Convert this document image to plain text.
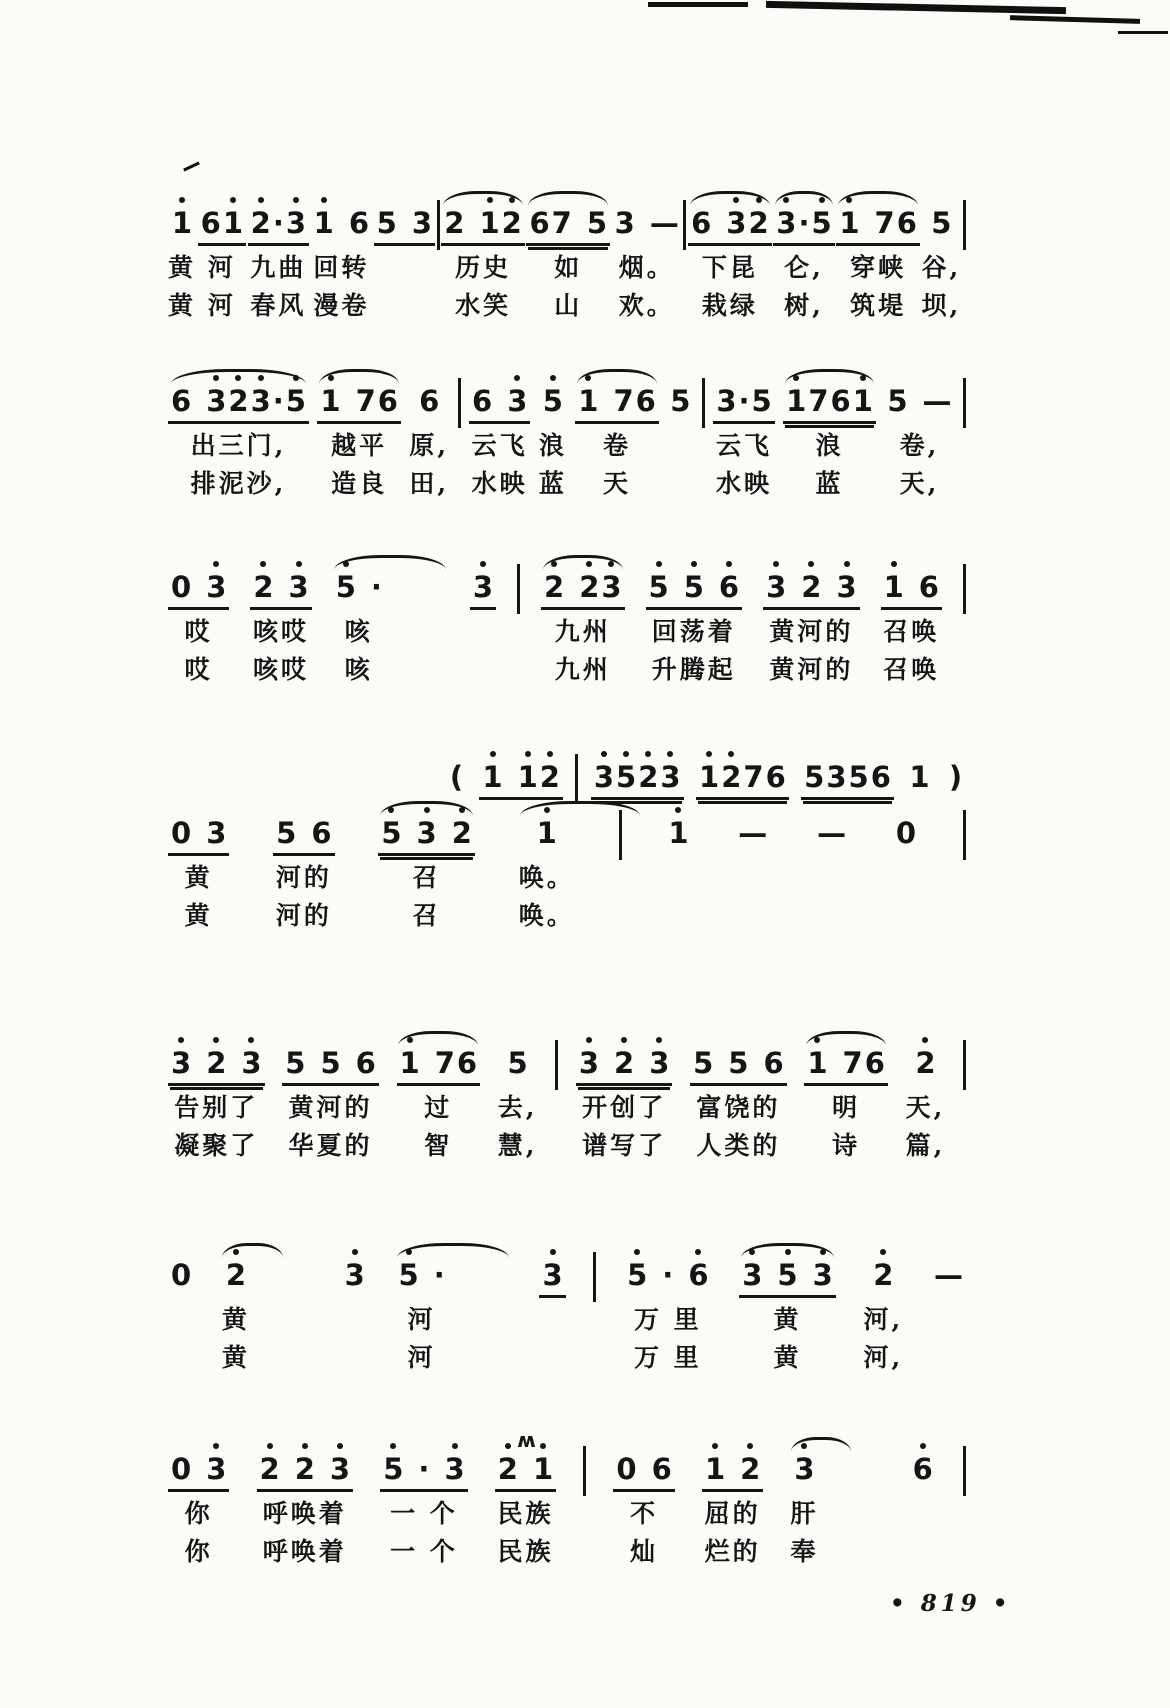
1
黄
黄
61
河
河
2
·3
九曲
春风
1 6
回转
漫卷
5 3 2 1
2
历史
水笑
67 5
如
山
3 —
烟。
欢。
6 3
2
下昆
栽绿
3
·5
仑,
树,
1 76
穿峡
筑堤
5
谷,
坝,
6 3
2
3
·5
出三门,
排泥沙,
1 76
越平
造良
6
原,
田,
6 3
云飞
水映
5
浪
蓝
1 76
卷
天
5 3·5
云飞
水映
1
761
浪
蓝
5 —
卷,
天,
0 3
哎
哎
2 3
咳哎
咳哎
5 ·
咳
咳
3 2 2
3
九州
九州
5 5 6
回荡着
升腾起
3 2 3
黄河的
黄河的
1 6
召唤
召唤
( 1 1
2 3
5
2
3 1
2
76 5356 1 )
0 3
黄
黄
5 6
河的
河的
5 3 2
召
召
1
唤。
唤。
1 — — 0
3 2 3
告别了
凝聚了
5 5 6
黄河的
华夏的
1 76
过
智
5
去,
慧,
3 2 3
开创了
谱写了
5 5 6
富饶的
人类的
1 76
明
诗
2
天,
篇,
0 2
黄
黄
3 5 ·
河
河
3 5 · 6
万 里
万 里
3 5 3
黄
黄
2
河,
河,
—
0 3
你
你
2 2 3
呼唤着
呼唤着
5 · 3
一 个
一 个
ʍ
2 1
民族
民族
0 6
不
灿
1 2
屈的
烂的
3
肝
奉
6
• 819 •
